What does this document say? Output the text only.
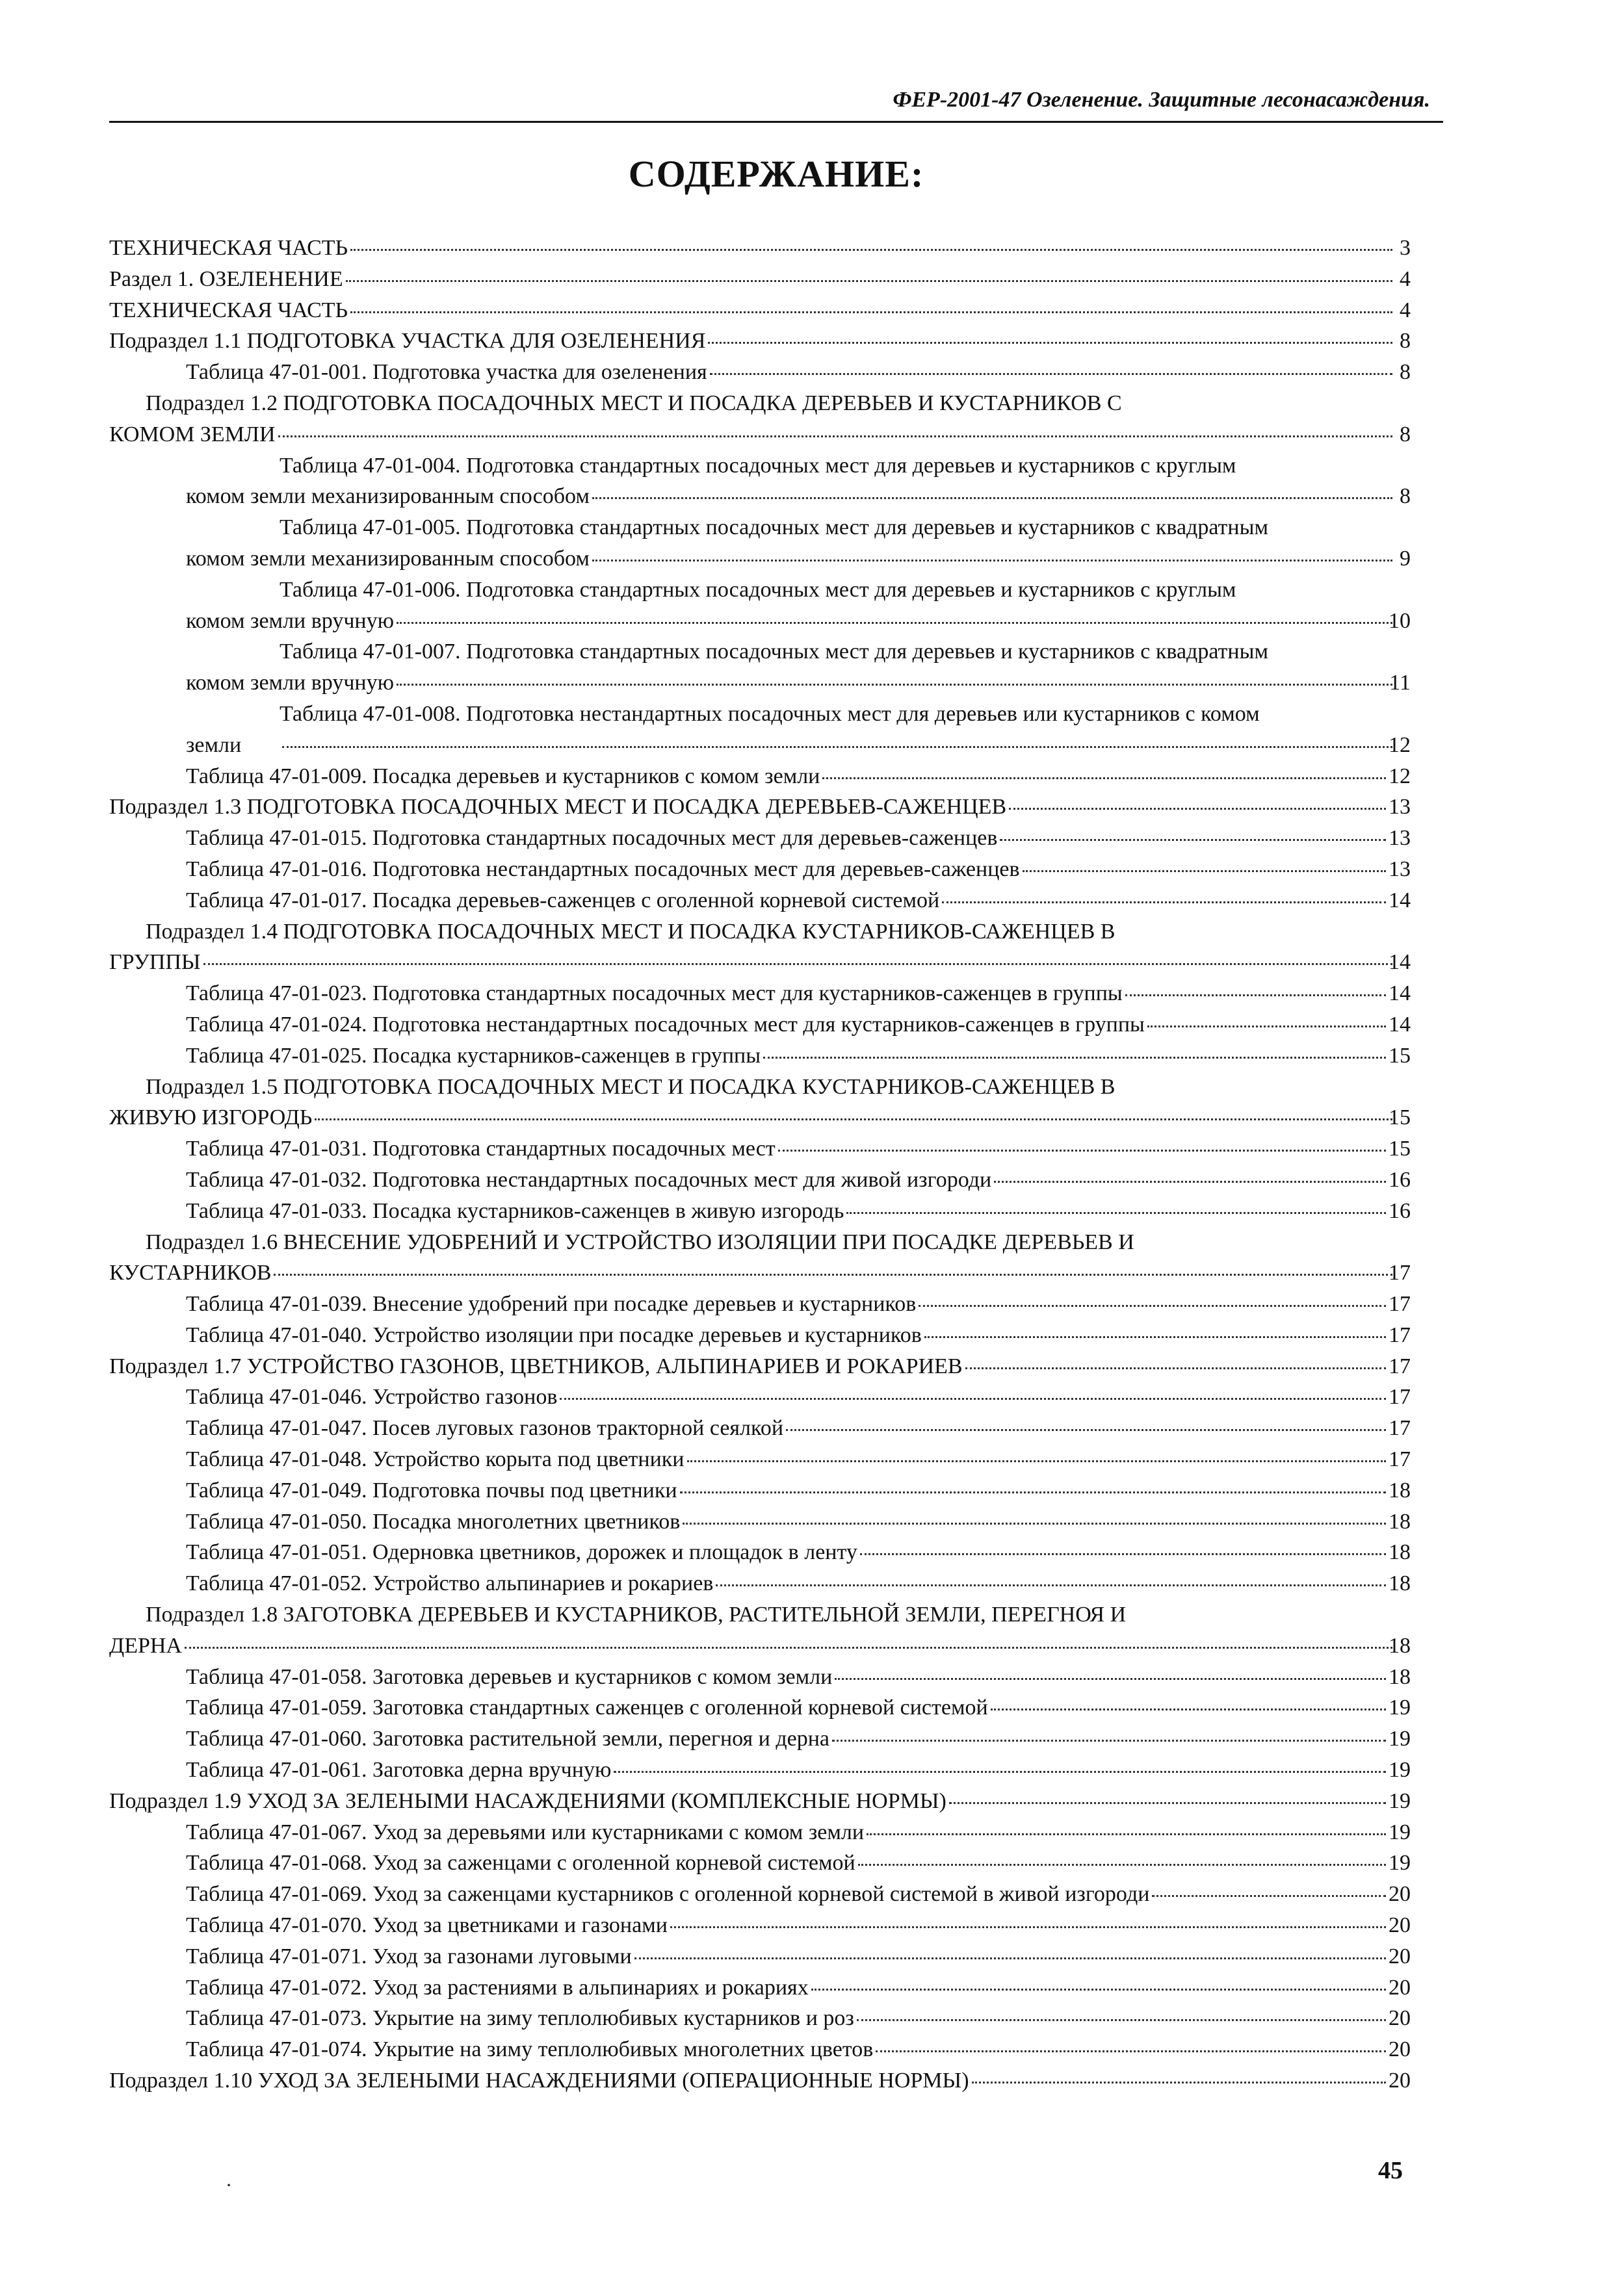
ФЕР-2001-47 Озеленение. Защитные лесонасаждения.
СОДЕРЖАНИЕ:
ТЕХНИЧЕСКАЯ ЧАСТЬ	3
Раздел 1. ОЗЕЛЕНЕНИЕ	4
ТЕХНИЧЕСКАЯ ЧАСТЬ	4
Подраздел 1.1 ПОДГОТОВКА УЧАСТКА ДЛЯ ОЗЕЛЕНЕНИЯ	8
Таблица 47-01-001. Подготовка участка для озеленения	8
Подраздел 1.2 ПОДГОТОВКА ПОСАДОЧНЫХ МЕСТ И ПОСАДКА ДЕРЕВЬЕВ И КУСТАРНИКОВ С
КОМОМ ЗЕМЛИ	8
Таблица 47-01-004. Подготовка стандартных посадочных мест для деревьев и кустарников с круглым
комом земли механизированным способом	8
Таблица 47-01-005. Подготовка стандартных посадочных мест для деревьев и кустарников с квадратным
комом земли механизированным способом	9
Таблица 47-01-006. Подготовка стандартных посадочных мест для деревьев и кустарников с круглым
комом земли вручную	10
Таблица 47-01-007. Подготовка стандартных посадочных мест для деревьев и кустарников с квадратным
комом земли вручную	11
Таблица 47-01-008. Подготовка нестандартных посадочных мест для деревьев или кустарников с комом
земли	12
Таблица 47-01-009. Посадка деревьев и кустарников с комом земли	12
Подраздел 1.3 ПОДГОТОВКА ПОСАДОЧНЫХ МЕСТ И ПОСАДКА ДЕРЕВЬЕВ-САЖЕНЦЕВ	13
Таблица 47-01-015. Подготовка стандартных посадочных мест для деревьев-саженцев	13
Таблица 47-01-016. Подготовка нестандартных посадочных мест для деревьев-саженцев	13
Таблица 47-01-017. Посадка деревьев-саженцев с оголенной корневой системой	14
Подраздел 1.4 ПОДГОТОВКА ПОСАДОЧНЫХ МЕСТ И ПОСАДКА КУСТАРНИКОВ-САЖЕНЦЕВ В
ГРУППЫ	14
Таблица 47-01-023. Подготовка стандартных посадочных мест для кустарников-саженцев в группы	14
Таблица 47-01-024. Подготовка нестандартных посадочных мест для кустарников-саженцев в группы	14
Таблица 47-01-025. Посадка кустарников-саженцев в группы	15
Подраздел 1.5 ПОДГОТОВКА ПОСАДОЧНЫХ МЕСТ И ПОСАДКА КУСТАРНИКОВ-САЖЕНЦЕВ В
ЖИВУЮ ИЗГОРОДЬ	15
Таблица 47-01-031. Подготовка стандартных посадочных мест	15
Таблица 47-01-032. Подготовка нестандартных посадочных мест для живой изгороди	16
Таблица 47-01-033. Посадка кустарников-саженцев в живую изгородь	16
Подраздел 1.6 ВНЕСЕНИЕ УДОБРЕНИЙ И УСТРОЙСТВО ИЗОЛЯЦИИ ПРИ ПОСАДКЕ ДЕРЕВЬЕВ И
КУСТАРНИКОВ	17
Таблица 47-01-039. Внесение удобрений при посадке деревьев и кустарников	17
Таблица 47-01-040. Устройство изоляции при посадке деревьев и кустарников	17
Подраздел 1.7 УСТРОЙСТВО ГАЗОНОВ, ЦВЕТНИКОВ, АЛЬПИНАРИЕВ И РОКАРИЕВ	17
Таблица 47-01-046. Устройство газонов	17
Таблица 47-01-047. Посев луговых газонов тракторной сеялкой	17
Таблица 47-01-048. Устройство корыта под цветники	17
Таблица 47-01-049. Подготовка почвы под цветники	18
Таблица 47-01-050. Посадка многолетних цветников	18
Таблица 47-01-051. Одерновка цветников, дорожек и площадок в ленту	18
Таблица 47-01-052. Устройство альпинариев и рокариев	18
Подраздел 1.8 ЗАГОТОВКА ДЕРЕВЬЕВ И КУСТАРНИКОВ, РАСТИТЕЛЬНОЙ ЗЕМЛИ, ПЕРЕГНОЯ И
ДЕРНА	18
Таблица 47-01-058. Заготовка деревьев и кустарников с комом земли	18
Таблица 47-01-059. Заготовка стандартных саженцев с оголенной корневой системой	19
Таблица 47-01-060. Заготовка растительной земли, перегноя и дерна	19
Таблица 47-01-061. Заготовка дерна вручную	19
Подраздел 1.9 УХОД ЗА ЗЕЛЕНЫМИ НАСАЖДЕНИЯМИ (КОМПЛЕКСНЫЕ НОРМЫ)	19
Таблица 47-01-067. Уход за деревьями или кустарниками с комом земли	19
Таблица 47-01-068. Уход за саженцами с оголенной корневой системой	19
Таблица 47-01-069. Уход за саженцами кустарников с оголенной корневой системой в живой изгороди	20
Таблица 47-01-070. Уход за цветниками и газонами	20
Таблица 47-01-071. Уход за газонами луговыми	20
Таблица 47-01-072. Уход за растениями в альпинариях и рокариях	20
Таблица 47-01-073. Укрытие на зиму теплолюбивых кустарников и роз	20
Таблица 47-01-074. Укрытие на зиму теплолюбивых многолетних цветов	20
Подраздел 1.10 УХОД ЗА ЗЕЛЕНЫМИ НАСАЖДЕНИЯМИ (ОПЕРАЦИОННЫЕ НОРМЫ)	20
·
45
